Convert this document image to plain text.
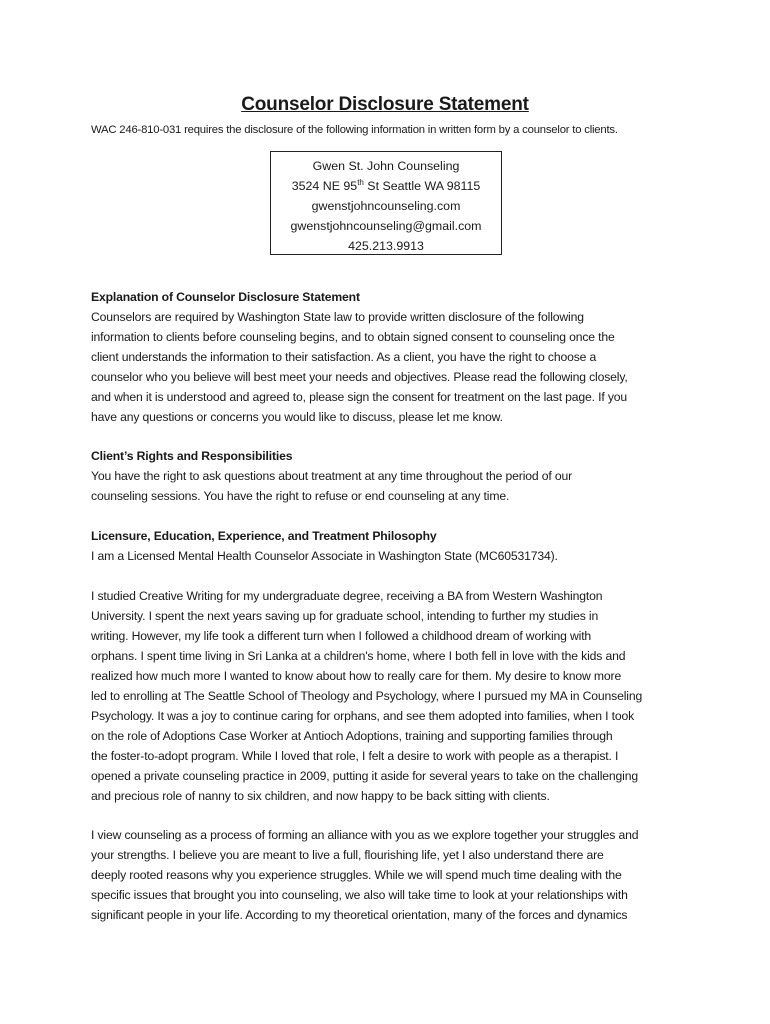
Counselor Disclosure Statement
WAC 246-810-031 requires the disclosure of the following information in written form by a counselor to clients.
Gwen St. John Counseling
3524 NE 95th St Seattle WA 98115
gwenstjohncounseling.com
gwenstjohncounseling@gmail.com
425.213.9913
Explanation of Counselor Disclosure Statement
Counselors are required by Washington State law to provide written disclosure of the following
information to clients before counseling begins, and to obtain signed consent to counseling once the
client understands the information to their satisfaction. As a client, you have the right to choose a
counselor who you believe will best meet your needs and objectives. Please read the following closely,
and when it is understood and agreed to, please sign the consent for treatment on the last page. If you
have any questions or concerns you would like to discuss, please let me know.
Client’s Rights and Responsibilities
You have the right to ask questions about treatment at any time throughout the period of our
counseling sessions. You have the right to refuse or end counseling at any time.
Licensure, Education, Experience, and Treatment Philosophy
I am a Licensed Mental Health Counselor Associate in Washington State (MC60531734).
I studied Creative Writing for my undergraduate degree, receiving a BA from Western Washington
University. I spent the next years saving up for graduate school, intending to further my studies in
writing. However, my life took a different turn when I followed a childhood dream of working with
orphans. I spent time living in Sri Lanka at a children's home, where I both fell in love with the kids and
realized how much more I wanted to know about how to really care for them. My desire to know more
led to enrolling at The Seattle School of Theology and Psychology, where I pursued my MA in Counseling
Psychology. It was a joy to continue caring for orphans, and see them adopted into families, when I took
on the role of Adoptions Case Worker at Antioch Adoptions, training and supporting families through
the foster-to-adopt program. While I loved that role, I felt a desire to work with people as a therapist. I
opened a private counseling practice in 2009, putting it aside for several years to take on the challenging
and precious role of nanny to six children, and now happy to be back sitting with clients.
I view counseling as a process of forming an alliance with you as we explore together your struggles and
your strengths. I believe you are meant to live a full, flourishing life, yet I also understand there are
deeply rooted reasons why you experience struggles. While we will spend much time dealing with the
specific issues that brought you into counseling, we also will take time to look at your relationships with
significant people in your life. According to my theoretical orientation, many of the forces and dynamics
